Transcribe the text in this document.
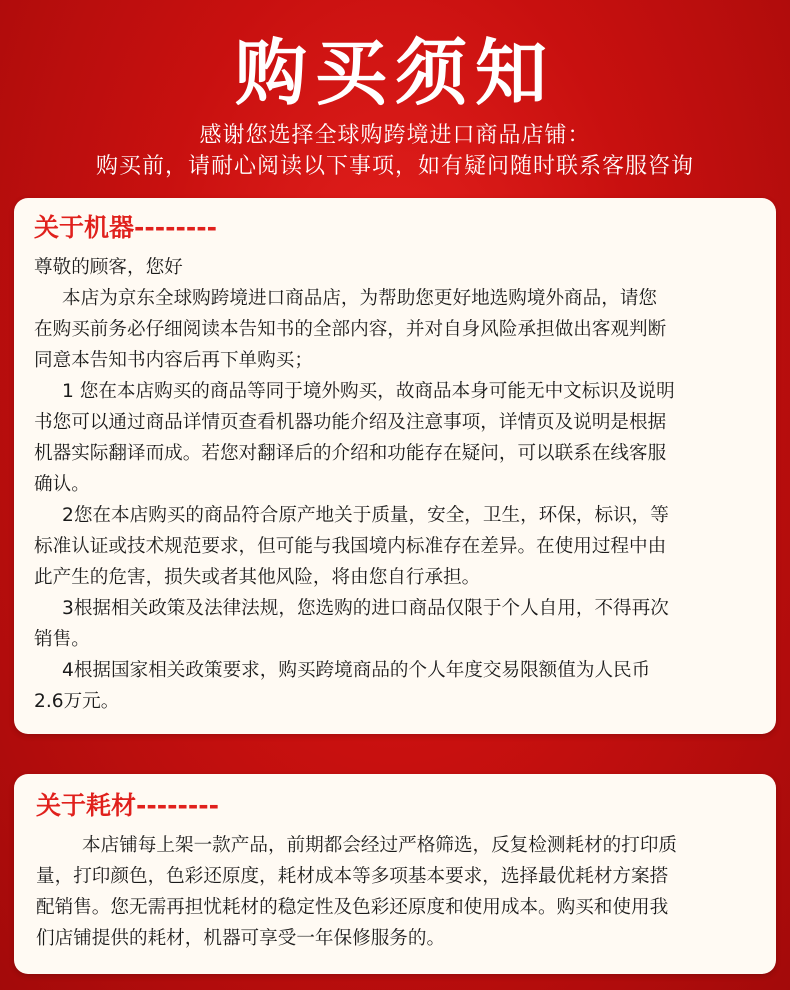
购买须知
感谢您选择全球购跨境进口商品店铺：
购买前，请耐心阅读以下事项，如有疑问随时联系客服咨询
关于机器--------
尊敬的顾客，您好
本店为京东全球购跨境进口商品店，为帮助您更好地选购境外商品，请您
在购买前务必仔细阅读本告知书的全部内容，并对自身风险承担做出客观判断
同意本告知书内容后再下单购买；
1 您在本店购买的商品等同于境外购买，故商品本身可能无中文标识及说明
书您可以通过商品详情页查看机器功能介绍及注意事项，详情页及说明是根据
机器实际翻译而成。若您对翻译后的介绍和功能存在疑问，可以联系在线客服
确认。
2您在本店购买的商品符合原产地关于质量，安全，卫生，环保，标识，等
标准认证或技术规范要求，但可能与我国境内标准存在差异。在使用过程中由
此产生的危害，损失或者其他风险，将由您自行承担。
3根据相关政策及法律法规，您选购的进口商品仅限于个人自用，不得再次
销售。
4根据国家相关政策要求，购买跨境商品的个人年度交易限额值为人民币
2.6万元。
关于耗材--------
本店铺每上架一款产品，前期都会经过严格筛选，反复检测耗材的打印质
量，打印颜色，色彩还原度，耗材成本等多项基本要求，选择最优耗材方案搭
配销售。您无需再担忧耗材的稳定性及色彩还原度和使用成本。购买和使用我
们店铺提供的耗材，机器可享受一年保修服务的。
